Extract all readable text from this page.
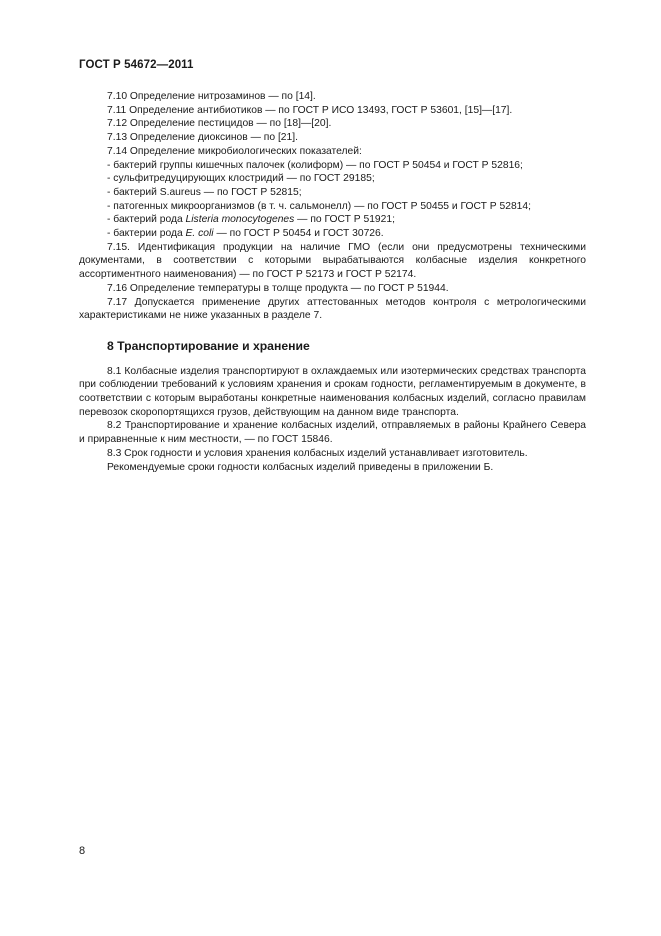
ГОСТ Р 54672—2011

7.10 Определение нитрозаминов — по [14].

7.11 Определение антибиотиков — по ГОСТ Р ИСО 13493, ГОСТ Р 53601, [15]—[17].

7.12 Определение пестицидов — по [18]—[20].

7.13 Определение диоксинов — по [21].

7.14 Определение микробиологических показателей:

- бактерий группы кишечных палочек (колиформ) — по ГОСТ Р 50454 и ГОСТ Р 52816;

- сульфитредуцирующих клостридий — по ГОСТ 29185;

- бактерий S.aureus — по ГОСТ Р 52815;

- патогенных микроорганизмов (в т. ч. сальмонелл) — по ГОСТ Р 50455 и ГОСТ Р 52814;

- бактерий рода Listeria monocytogenes — по ГОСТ Р 51921;

- бактерии рода E. coli — по ГОСТ Р 50454 и ГОСТ 30726.

7.15. Идентификация продукции на наличие ГМО (если они предусмотрены техническими документами, в соответствии с которыми вырабатываются колбасные изделия конкретного ассортиментного наименования) — по ГОСТ Р 52173 и ГОСТ Р 52174.

7.16 Определение температуры в толще продукта — по ГОСТ Р 51944.

7.17 Допускается применение других аттестованных методов контроля с метрологическими характеристиками не ниже указанных в разделе 7.

8 Транспортирование и хранение

8.1 Колбасные изделия транспортируют в охлаждаемых или изотермических средствах транспорта при соблюдении требований к условиям хранения и срокам годности, регламентируемым в документе, в соответствии с которым выработаны конкретные наименования колбасных изделий, согласно правилам перевозок скоропортящихся грузов, действующим на данном виде транспорта.

8.2 Транспортирование и хранение колбасных изделий, отправляемых в районы Крайнего Севера и приравненные к ним местности, — по ГОСТ 15846.

8.3 Срок годности и условия хранения колбасных изделий устанавливает изготовитель.

Рекомендуемые сроки годности колбасных изделий приведены в приложении Б.

8
